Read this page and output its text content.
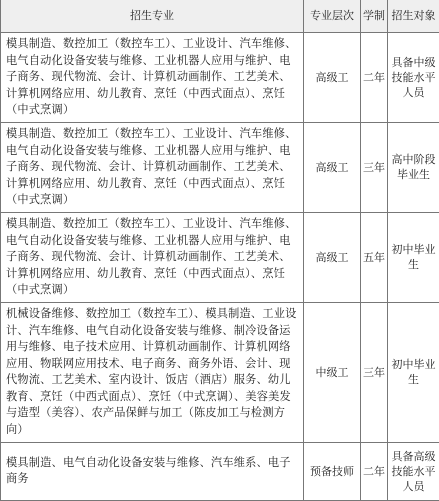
招生专业	专业层次	学制	招生对象

模具制造、数控加工（数控车工）、工业设计、汽车维修、电气自动化设备安装与维修、工业机器人应用与维护、电子商务、现代物流、会计、计算机动画制作、工艺美术、计算机网络应用、幼儿教育、烹饪（中西式面点）、烹饪（中式烹调）	高级工	二年	具备中级技能水平人员

模具制造、数控加工（数控车工）、工业设计、汽车维修、电气自动化设备安装与维修、工业机器人应用与维护、电子商务、现代物流、会计、计算机动画制作、工艺美术、计算机网络应用、幼儿教育、烹饪（中西式面点）、烹饪（中式烹调）	高级工	三年	高中阶段毕业生

模具制造、数控加工（数控车工）、工业设计、汽车维修、电气自动化设备安装与维修、工业机器人应用与维护、电子商务、现代物流、会计、计算机动画制作、工艺美术、计算机网络应用、幼儿教育、烹饪（中西式面点）、烹饪（中式烹调）	高级工	五年	初中毕业生

机械设备维修、数控加工（数控车工）、模具制造、工业设计、汽车维修、电气自动化设备安装与维修、制冷设备运用与维修、电子技术应用、计算机动画制作、计算机网络应用、物联网应用技术、电子商务、商务外语、会计、现代物流、工艺美术、室内设计、饭店（酒店）服务、幼儿教育、烹饪（中西式面点）、烹饪（中式烹调）、美容美发与造型（美容）、农产品保鲜与加工（陈皮加工与检测方向）	中级工	三年	初中毕业生

模具制造、电气自动化设备安装与维修、汽车维系、电子商务	预备技师	二年	具备高级技能水平人员
